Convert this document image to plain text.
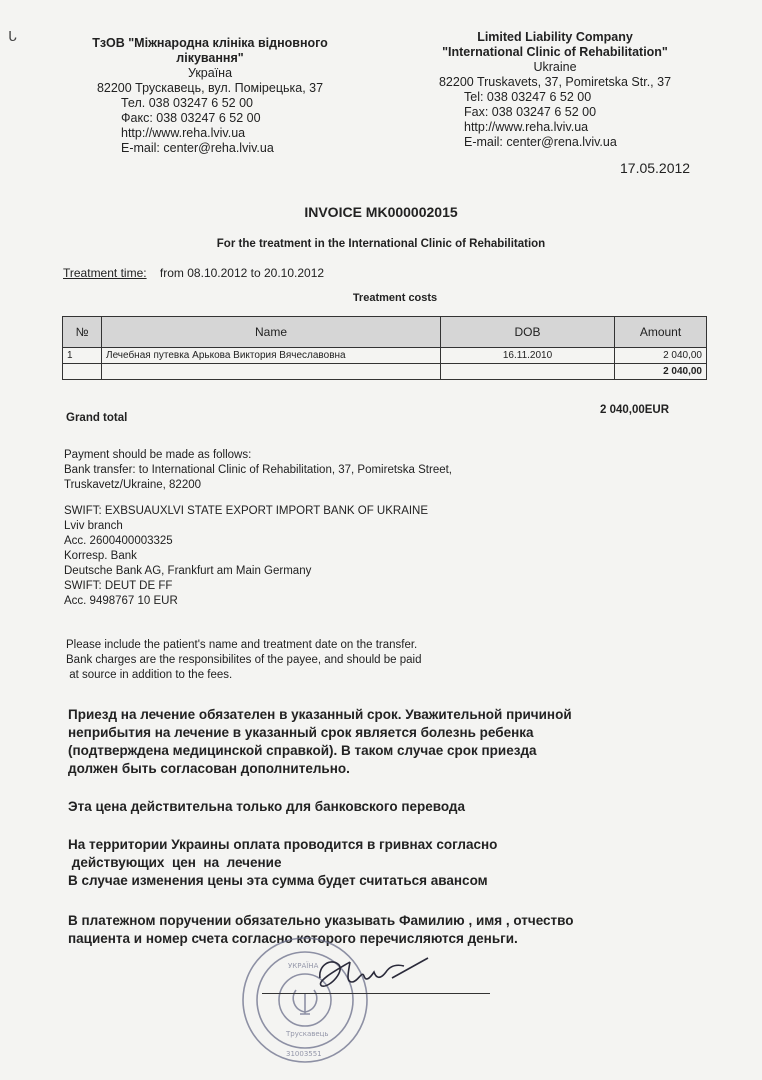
ᒐ	ТзОВ "Міжнародна клініка відновного лікування"
Україна
82200 Трускавець, вул. Помірецька, 37
Тел. 038 03247 6 52 00
Факс: 038 03247 6 52 00
http://www.reha.lviv.ua
E-mail: center@reha.lviv.ua
Limited Liability Company
"International Clinic of Rehabilitation"
Ukraine
82200 Truskavets, 37, Pomiretska Str., 37
Tel: 038 03247 6 52 00
Fax: 038 03247 6 52 00
http://www.reha.lviv.ua
E-mail: center@rena.lviv.ua
17.05.2012
INVOICE MK000002015
For the treatment in the International Clinic of Rehabilitation
Treatment time: from 08.10.2012 to 20.10.2012
Treatment costs
№	Name	DOB	Amount
1	Лечебная путевка Арькова Виктория Вячеславовна	16.11.2010	2 040,00
			2 040,00
Grand total
2 040,00EUR
Payment should be made as follows:
Bank transfer: to International Clinic of Rehabilitation, 37, Pomiretska Street,
Truskavetz/Ukraine, 82200
SWIFT: EXBSUAUXLVI STATE EXPORT IMPORT BANK OF UKRAINE
Lviv branch
Acc. 2600400003325
Korresp. Bank
Deutsche Bank AG, Frankfurt am Main Germany
SWIFT: DEUT DE FF
Acc. 9498767 10 EUR
Please include the patient's name and treatment date on the transfer.
Bank charges are the responsibilites of the payee, and should be paid
at source in addition to the fees.
Приезд на лечение обязателен в указанный срок. Уважительной причиной
неприбытия на лечение в указанный срок является болезнь ребенка
(подтверждена медицинской справкой). В таком случае срок приезда
должен быть согласован дополнительно.
Эта цена действительна только для банковского перевода
На территории Украины оплата проводится в гривнах согласно
действующих  цен  на  лечение
В случае изменения цены эта сумма будет считаться авансом
В платежном поручении обязательно указывать Фамилию , имя , отчество
пациента и номер счета согласно которого перечисляются деньги.
УКРАЇНА
Трускавець
31003551
